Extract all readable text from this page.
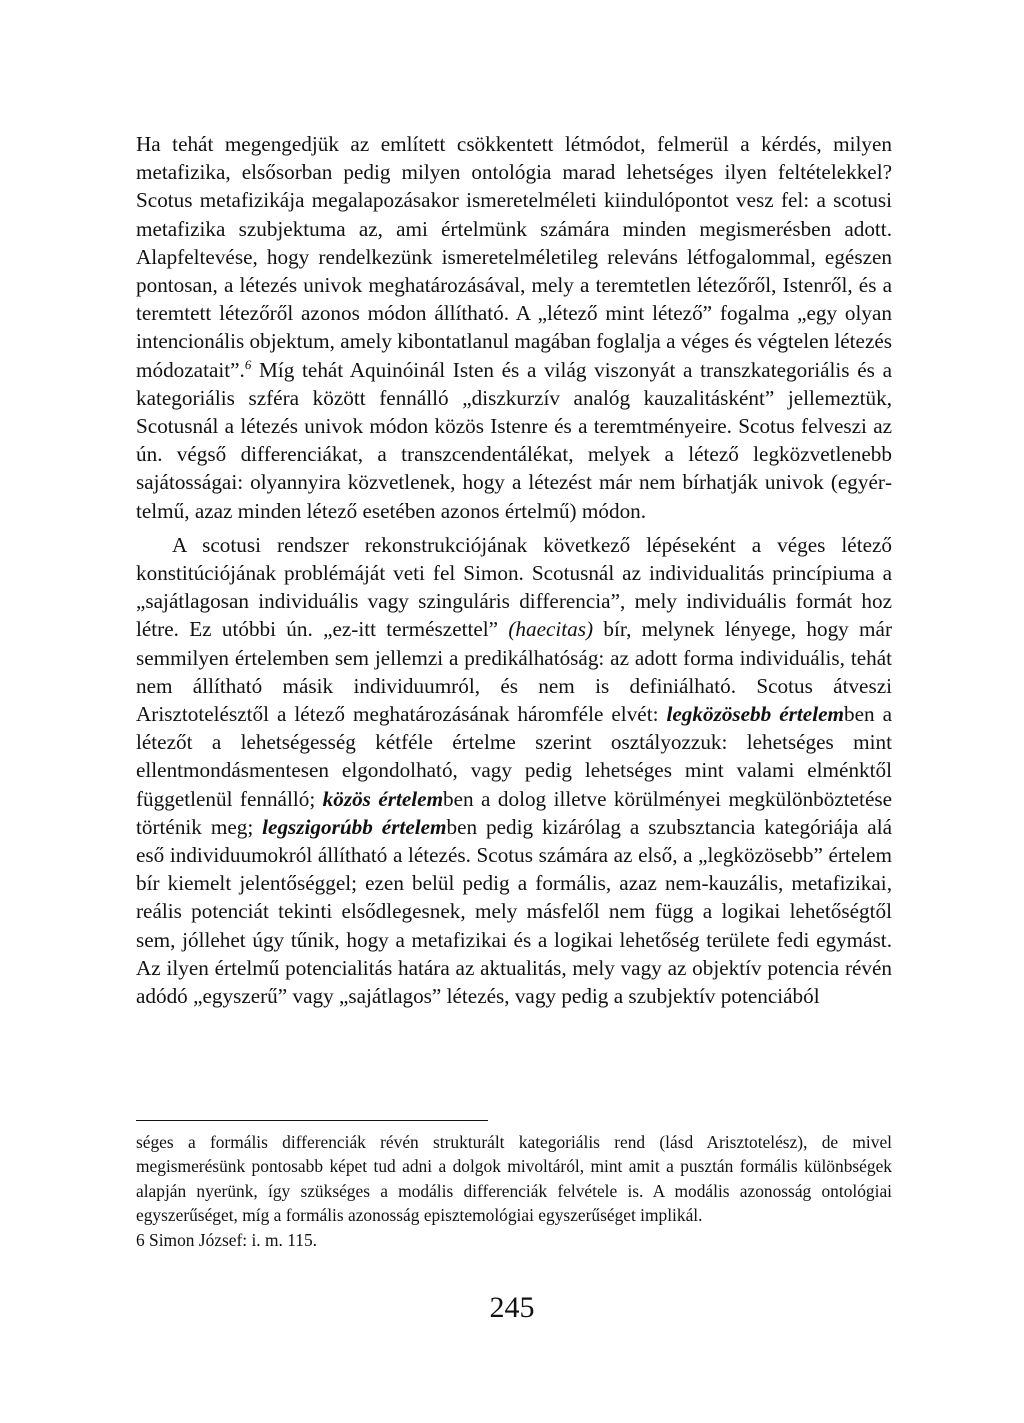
Ha tehát megengedjük az említett csökkentett létmódot, felmerül a kérdés, milyen metafizika, elsősorban pedig milyen ontológia marad lehetséges ilyen feltételekkel? Scotus metafizikája megalapozásakor ismeretelméleti kiindulópontot vesz fel: a scotusi metafizika szubjektuma az, ami értelmünk számára minden megismerésben adott. Alapfeltevése, hogy rendelkezünk ismeretelméletileg releváns létfogalommal, egészen pontosan, a létezés univok meghatározásával, mely a teremtetlen létezőről, Istenről, és a teremtett létezőről azonos módon állítható. A „létező mint létező” fogalma „egy olyan intencionális objektum, amely kibontatlanul magában foglalja a véges és végtelen létezés módozatait”.$^6$ Míg tehát Aquinóinál Isten és a világ viszonyát a transzkategoriális és a kategoriális szféra között fennálló „diszkurzív analóg kauzalitásként” jellemeztük, Scotusnál a létezés univok módon közös Istenre és a teremtményeire. Scotus felveszi az ún. végső differenciákat, a transzcendentálékat, melyek a létező legközvetlenebb sajátosságai: olyannyira közvetlenek, hogy a létezést már nem bírhatják univok (egyértelmű, azaz minden létező esetében azonos értelmű) módon.

A scotusi rendszer rekonstrukciójának következő lépéseként a véges létező konstitúciójának problémáját veti fel Simon. Scotusnál az individualitás princípiuma a „sajátlagosan individuális vagy szinguláris differencia”, mely individuális formát hoz létre. Ez utóbbi ún. „ez-itt természettel” (haecitas) bír, melynek lényege, hogy már semmilyen értelemben sem jellemzi a predikálhatóság: az adott forma individuális, tehát nem állítható másik individuumról, és nem is definiálható. Scotus átveszi Arisztotelésztől a létező meghatározásának háromféle elvét: legközösebb értelemben a létezőt a lehetségesség kétféle értelme szerint osztályozzuk: lehetséges mint ellentmondásmentesen elgondolható, vagy pedig lehetséges mint valami elménktől függetlenül fennálló; közös értelemben a dolog illetve körülményei megkülönböztetése történik meg; legszigorúbb értelemben pedig kizárólag a szubsztancia kategóriája alá eső individuumokról állítható a létezés. Scotus számára az első, a „legközösebb” értelem bír kiemelt jelentőséggel; ezen belül pedig a formális, azaz nem-kauzális, metafizikai, reális potenciát tekinti elsődlegesnek, mely másfelől nem függ a logikai lehetőségtől sem, jóllehet úgy tűnik, hogy a metafizikai és a logikai lehetőség területe fedi egymást. Az ilyen értelmű potencialitás határa az aktualitás, mely vagy az objektív potencia révén adódó „egyszerű” vagy „sajátlagos” létezés, vagy pedig a szubjektív potenciából

séges a formális differenciák révén strukturált kategoriális rend (lásd Arisztotelész), de mivel megismerésünk pontosabb képet tud adni a dolgok mivoltáról, mint amit a pusztán formális különbségek alapján nyerünk, így szükséges a modális differenciák felvétele is. A modális azonosság ontológiai egyszerűséget, míg a formális azonosság episztemológiai egyszerűséget implikál.

6 Simon József: i. m. 115.

245
